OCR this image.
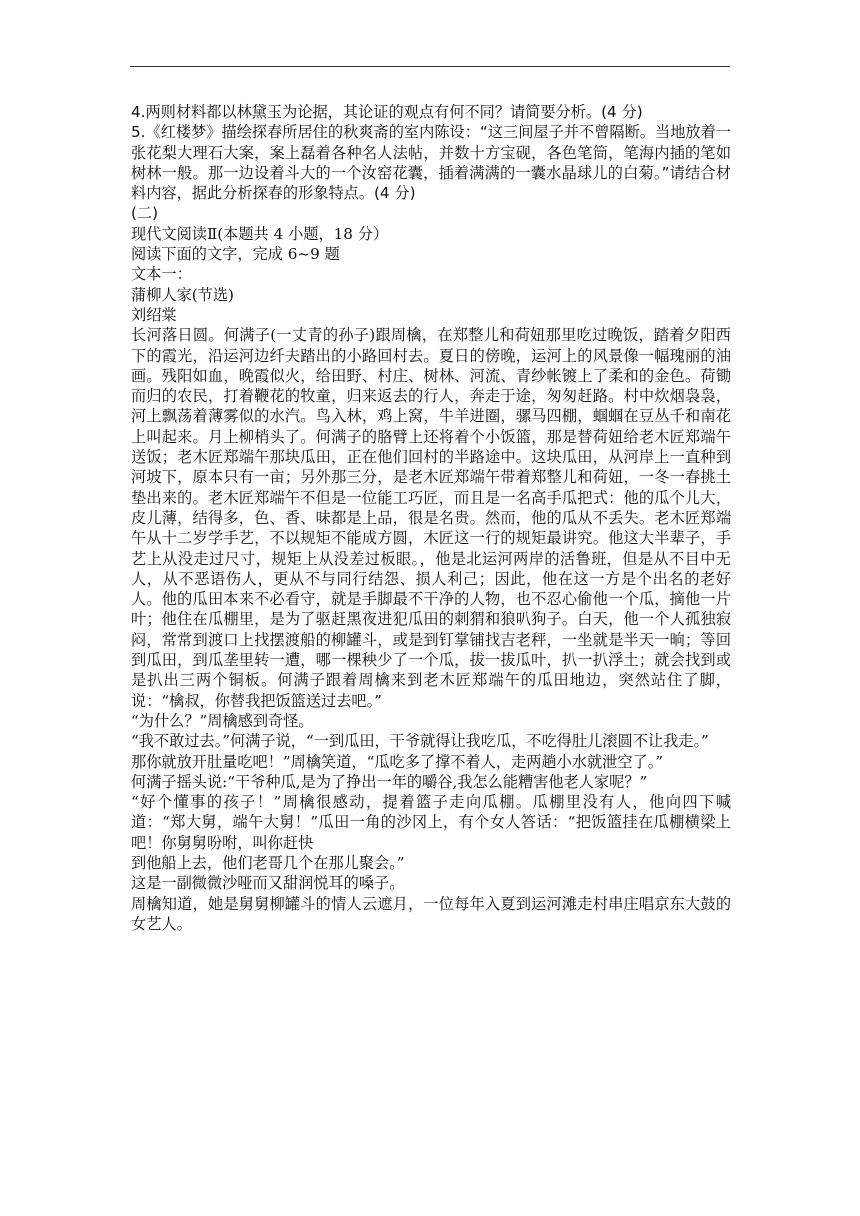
4.两则材料都以林黛玉为论据，其论证的观点有何不同？请简要分析。(4 分)

5.《红楼梦》描绘探春所居住的秋爽斋的室内陈设：“这三间屋子并不曾隔断。当地放着一张花梨大理石大案，案上磊着各种名人法帖，并数十方宝砚，各色笔筒，笔海内插的笔如树林一般。那一边设着斗大的一个汝窑花囊，插着满满的一囊水晶球儿的白菊。”请结合材料内容，据此分析探春的形象特点。(4 分)

(二)

现代文阅读Ⅱ(本题共 4 小题，18 分）

阅读下面的文字，完成 6~9 题

文本一：

蒲柳人家(节选)

刘绍棠

长河落日圆。何满子(一丈青的孙子)跟周檎，在郑整儿和荷妞那里吃过晚饭，踏着夕阳西下的霞光，沿运河边纤夫踏出的小路回村去。夏日的傍晚，运河上的风景像一幅瑰丽的油画。残阳如血，晚霞似火，给田野、村庄、树林、河流、青纱帐镀上了柔和的金色。荷锄而归的农民，打着鞭花的牧童，归来返去的行人，奔走于途，匆匆赶路。村中炊烟袅袅，河上飘荡着薄雾似的水汽。鸟入林，鸡上窝，牛羊进圈，骡马四棚，蝈蝈在豆丛千和南花上叫起来。月上柳梢头了。何满子的胳臂上还将着个小饭篮，那是替荷妞给老木匠郑端午送饭；老木匠郑端午那块瓜田，正在他们回村的半路途中。这块瓜田，从河岸上一直种到河坡下，原本只有一亩；另外那三分，是老木匠郑端午带着郑整儿和荷妞，一冬一春挑土垫出来的。老木匠郑端午不但是一位能工巧匠，而且是一名高手瓜把式：他的瓜个儿大，皮儿薄，结得多，色、香、味都是上品，很是名贵。然而，他的瓜从不丢失。老木匠郑端午从十二岁学手艺，不以规矩不能成方圆，木匠这一行的规矩最讲究。他这大半辈子，手艺上从没走过尺寸，规矩上从没差过板眼。，他是北运河两岸的活鲁班，但是从不目中无人，从不恶语伤人，更从不与同行结怨、损人利己；因此，他在这一方是个出名的老好人。他的瓜田本来不必看守，就是手脚最不干净的人物，也不忍心偷他一个瓜，摘他一片叶；他住在瓜棚里，是为了驱赶黑夜进犯瓜田的刺猬和狼叭狗子。白天，他一个人孤独寂闷，常常到渡口上找摆渡船的柳罐斗，或是到钉掌铺找吉老秤，一坐就是半天一晌；等回到瓜田，到瓜垄里转一遭，哪一棵秧少了一个瓜，拔一拔瓜叶，扒一扒浮土；就会找到或是扒出三两个铜板。何满子跟着周檎来到老木匠郑端午的瓜田地边，突然站住了脚，说：“檎叔，你替我把饭篮送过去吧。”

“为什么？”周檎感到奇怪。

“我不敢过去。”何满子说，“一到瓜田，干爷就得让我吃瓜，不吃得肚儿滚圆不让我走。”

那你就放开肚量吃吧！”周檎笑道，“瓜吃多了撑不着人，走两趟小水就泄空了。”

何满子摇头说:“干爷种瓜,是为了挣出一年的嚼谷,我怎么能糟害他老人家呢？”

“好个懂事的孩子！”周檎很感动，提着篮子走向瓜棚。瓜棚里没有人，他向四下喊道：“郑大舅，端午大舅！”瓜田一角的沙冈上，有个女人答话：“把饭篮挂在瓜棚横梁上吧！你舅舅吩咐，叫你赶快

到他船上去，他们老哥几个在那儿聚会。”

这是一副微微沙哑而又甜润悦耳的嗓子。

周檎知道，她是舅舅柳罐斗的情人云遮月，一位每年入夏到运河滩走村串庄唱京东大鼓的女艺人。
